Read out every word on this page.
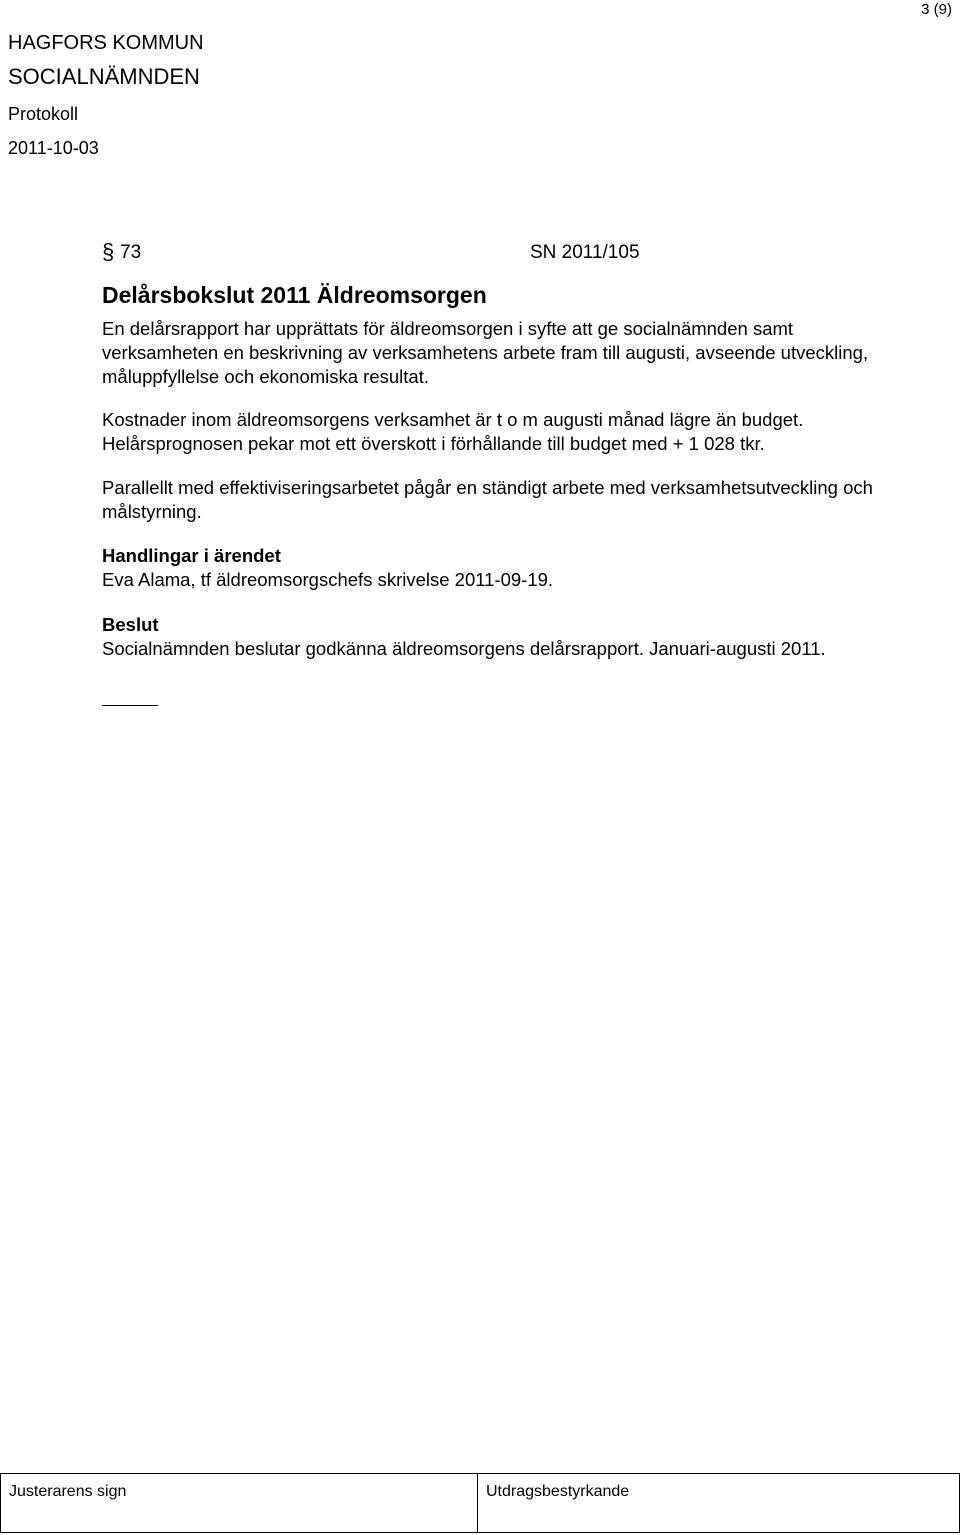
3 (9)
HAGFORS KOMMUN
SOCIALNÄMNDEN
Protokoll
2011-10-03
§ 73	SN 2011/105
Delårsbokslut 2011 Äldreomsorgen

En delårsrapport har upprättats för äldreomsorgen i syfte att ge socialnämnden samt

verksamheten en beskrivning av verksamhetens arbete fram till augusti, avseende utveckling,

måluppfyllelse och ekonomiska resultat.

Kostnader inom äldreomsorgens verksamhet är t o m augusti månad lägre än budget.

Helårsprognosen pekar mot ett överskott i förhållande till budget med + 1 028 tkr.

Parallellt med effektiviseringsarbetet pågår en ständigt arbete med verksamhetsutveckling och

målstyrning.

Handlingar i ärendet

Eva Alama, tf äldreomsorgschefs skrivelse 2011-09-19.

Beslut

Socialnämnden beslutar godkänna äldreomsorgens delårsrapport. Januari-augusti 2011.

Justerarens sign	Utdragsbestyrkande
